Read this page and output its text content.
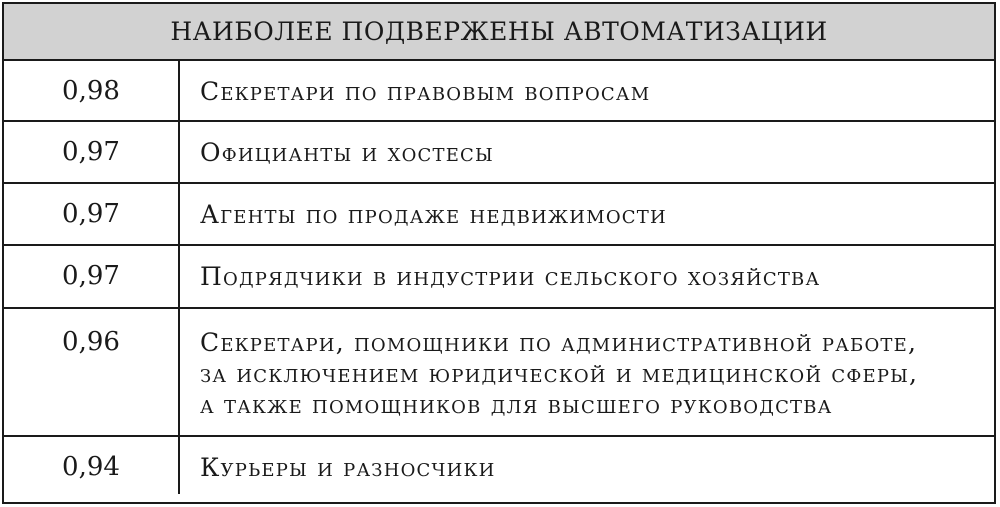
НАИБОЛЕЕ ПОДВЕРЖЕНЫ АВТОМАТИЗАЦИИ
0,98	Секретари по правовым вопросам
0,97	Официанты и хостесы
0,97	Агенты по продаже недвижимости
0,97	Подрядчики в индустрии сельского хозяйства
0,96	Секретари, помощники по административной работе,
за исключением юридической и медицинской сферы,
а также помощников для высшего руководства
0,94	Курьеры и разносчики
